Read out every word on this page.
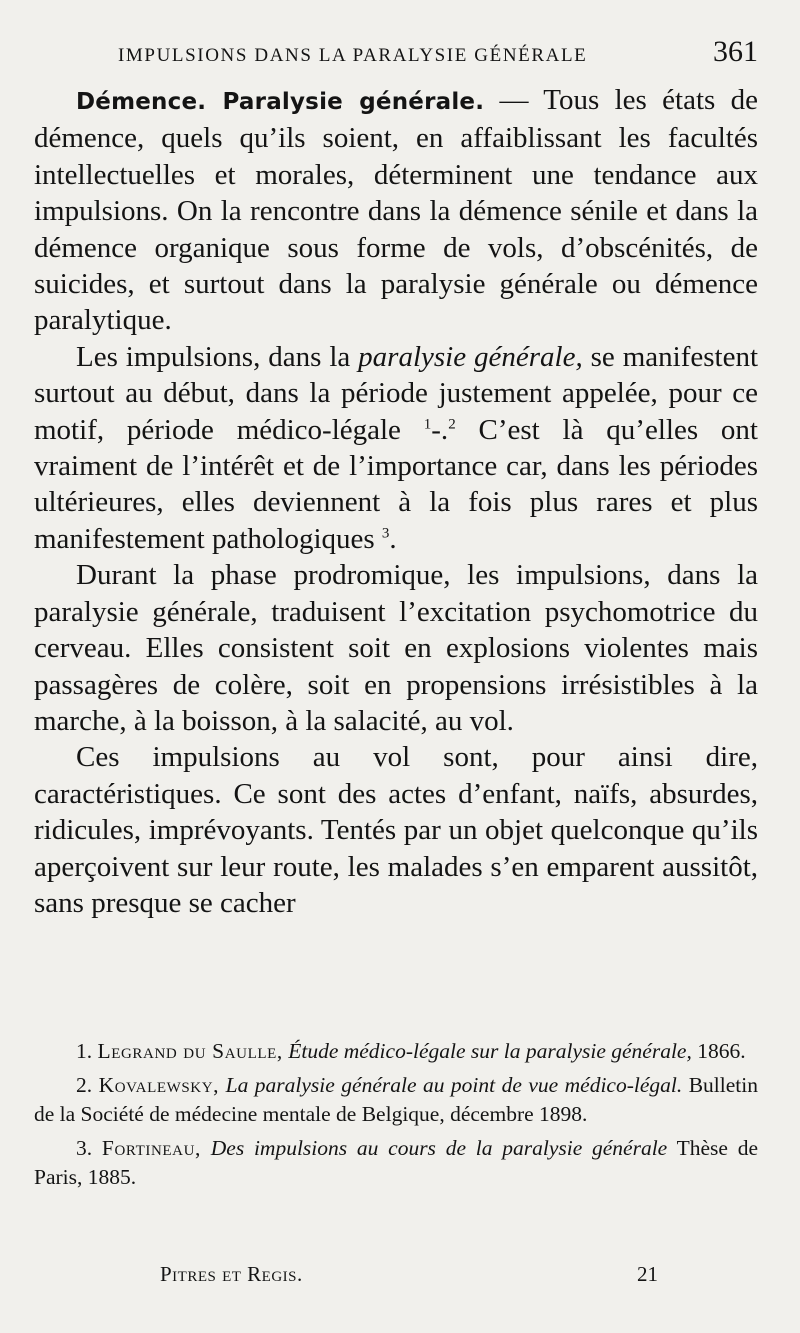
IMPULSIONS DANS LA PARALYSIE GÉNÉRALE	361

Démence. Paralysie générale. — Tous les états de démence, quels qu’ils soient, en affaiblissant les facultés intellectuelles et morales, déterminent une tendance aux impulsions. On la rencontre dans la démence sénile et dans la démence organique sous forme de vols, d’obscénités, de suicides, et surtout dans la paralysie générale ou démence paralytique.

Les impulsions, dans la paralysie générale, se manifestent surtout au début, dans la période justement appelée, pour ce motif, période médico-légale $^1$-.$^2$ C’est là qu’elles ont vraiment de l’intérêt et de l’importance car, dans les périodes ultérieures, elles deviennent à la fois plus rares et plus manifestement pathologiques $^3$.

Durant la phase prodromique, les impulsions, dans la paralysie générale, traduisent l’excitation psychomotrice du cerveau. Elles consistent soit en explosions violentes mais passagères de colère, soit en propensions irrésistibles à la marche, à la boisson, à la salacité, au vol.

Ces impulsions au vol sont, pour ainsi dire, caractéristiques. Ce sont des actes d’enfant, naïfs, absurdes, ridicules, imprévoyants. Tentés par un objet quelconque qu’ils aperçoivent sur leur route, les malades s’en emparent aussitôt, sans presque se cacher

1. Legrand du Saulle, Étude médico-légale sur la paralysie générale, 1866.

2. Kovalewsky, La paralysie générale au point de vue médico-légal. Bulletin de la Société de médecine mentale de Belgique, décembre 1898.

3. Fortineau, Des impulsions au cours de la paralysie générale Thèse de Paris, 1885.

Pitres et Regis.	21
